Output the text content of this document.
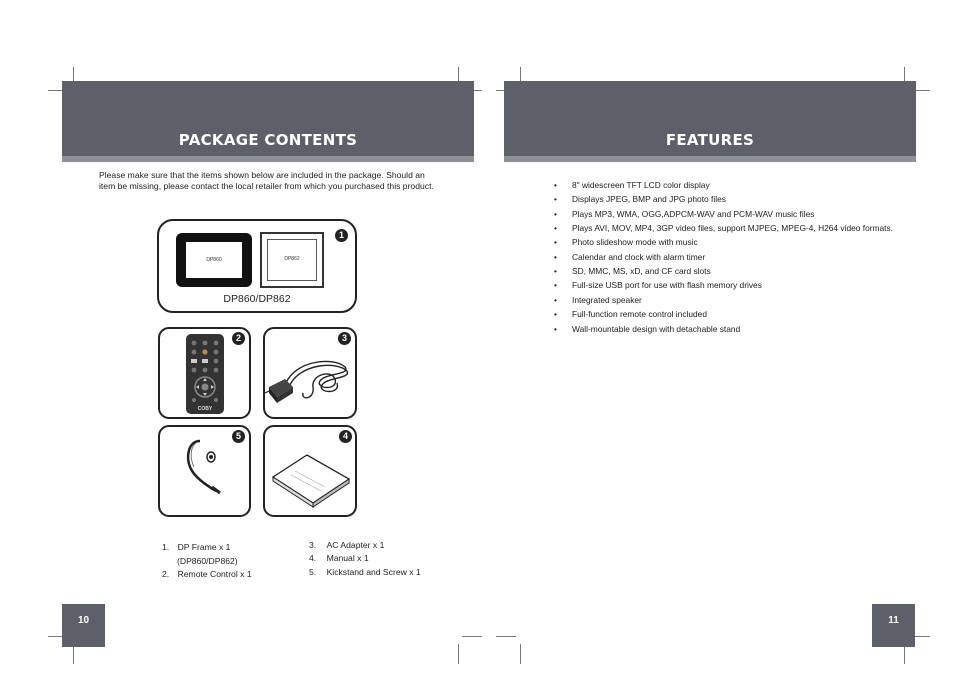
PACKAGE CONTENTS
Please make sure that the items shown below are included in the package. Should an item be missing, please contact the local retailer from which you purchased this product.
DP860	DP862
DP860/DP862
1
COBY
2	3
5	4
1. DP Frame x 1
(DP860/DP862)
2. Remote Control x 1
3. AC Adapter x 1
4. Manual x 1
5. Kickstand and Screw x 1
10
FEATURES
• 8" widescreen TFT LCD color display
• Displays JPEG, BMP and JPG photo files
• Plays MP3, WMA, OGG,ADPCM-WAV and PCM-WAV music files
• Plays AVI, MOV, MP4, 3GP video files, support MJPEG, MPEG-4, H264 video formats.
• Photo slideshow mode with music
• Calendar and clock with alarm timer
• SD, MMC, MS, xD, and CF card slots
• Full-size USB port for use with flash memory drives
• Integrated speaker
• Full-function remote control included
• Wall-mountable design with detachable stand
11
